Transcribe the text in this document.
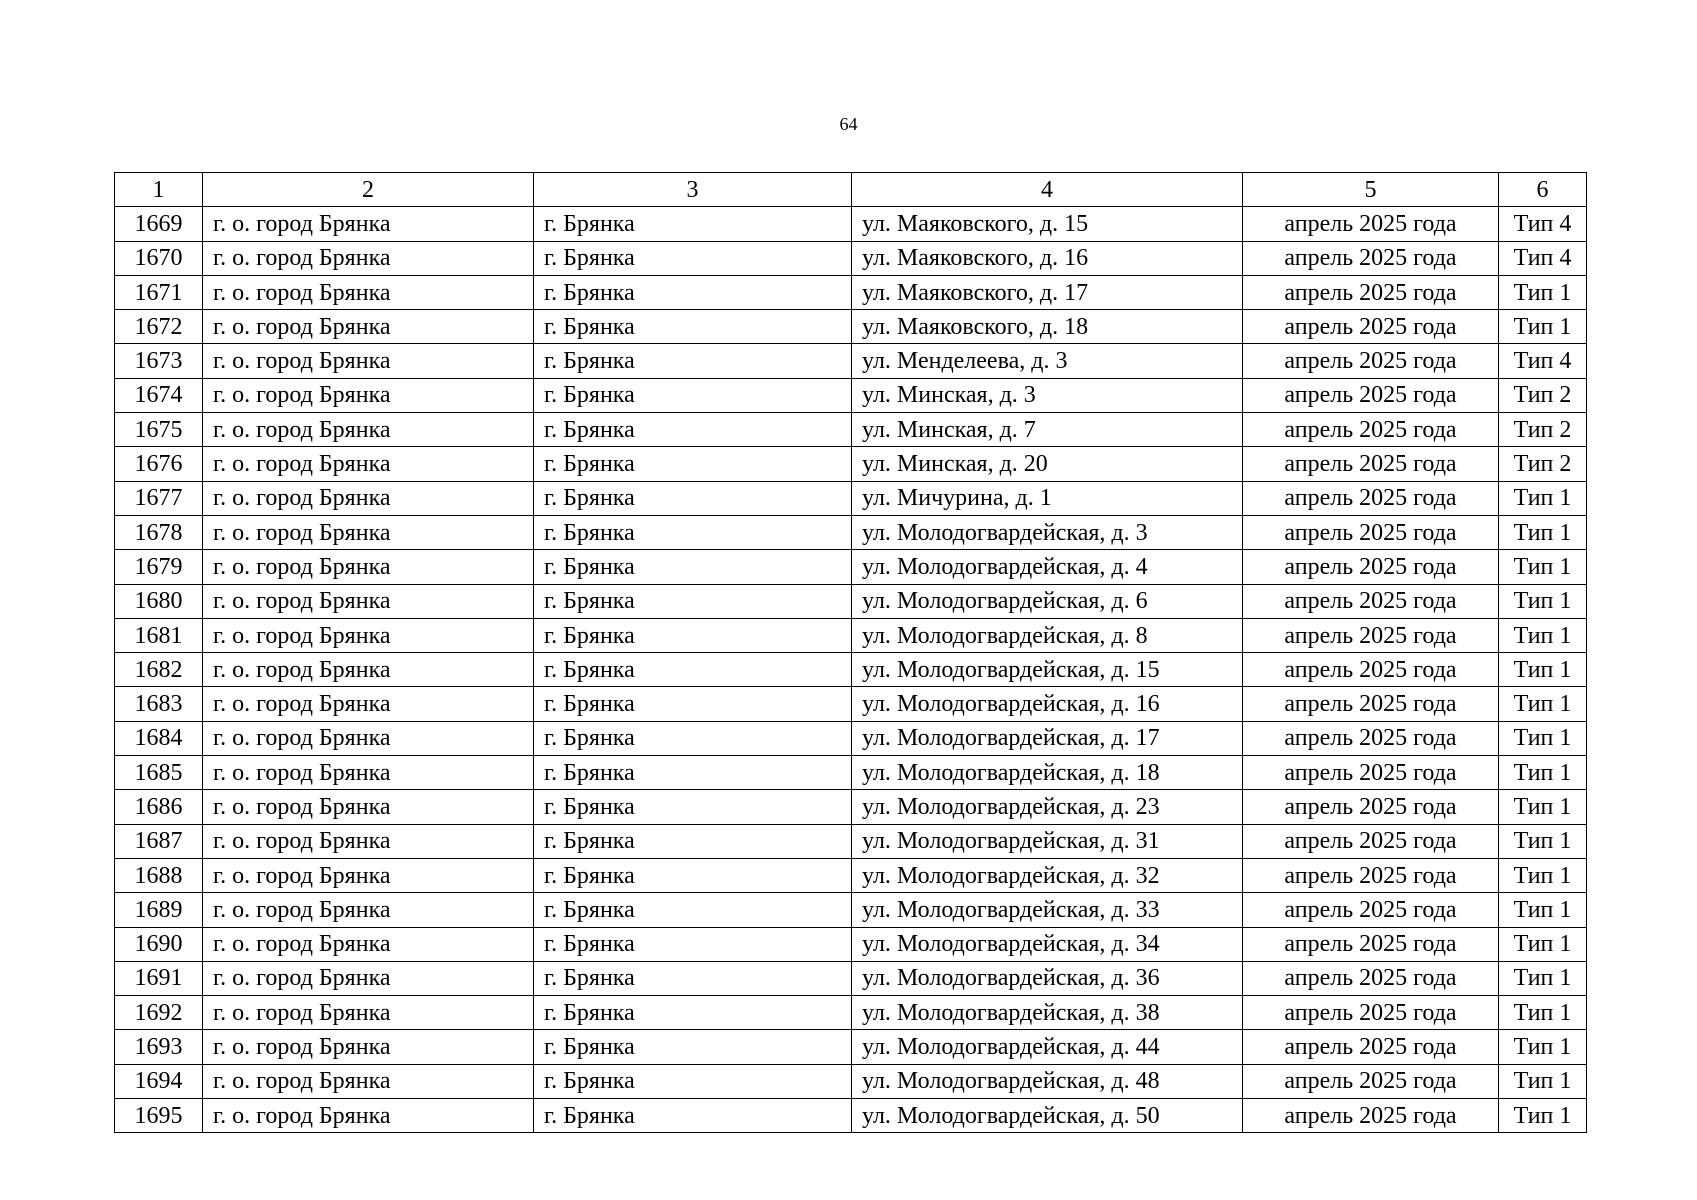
64
1	2	3	4	5	6
1669	г. о. город Брянка	г. Брянка	ул. Маяковского, д. 15	апрель 2025 года	Тип 4
1670	г. о. город Брянка	г. Брянка	ул. Маяковского, д. 16	апрель 2025 года	Тип 4
1671	г. о. город Брянка	г. Брянка	ул. Маяковского, д. 17	апрель 2025 года	Тип 1
1672	г. о. город Брянка	г. Брянка	ул. Маяковского, д. 18	апрель 2025 года	Тип 1
1673	г. о. город Брянка	г. Брянка	ул. Менделеева, д. 3	апрель 2025 года	Тип 4
1674	г. о. город Брянка	г. Брянка	ул. Минская, д. 3	апрель 2025 года	Тип 2
1675	г. о. город Брянка	г. Брянка	ул. Минская, д. 7	апрель 2025 года	Тип 2
1676	г. о. город Брянка	г. Брянка	ул. Минская, д. 20	апрель 2025 года	Тип 2
1677	г. о. город Брянка	г. Брянка	ул. Мичурина, д. 1	апрель 2025 года	Тип 1
1678	г. о. город Брянка	г. Брянка	ул. Молодогвардейская, д. 3	апрель 2025 года	Тип 1
1679	г. о. город Брянка	г. Брянка	ул. Молодогвардейская, д. 4	апрель 2025 года	Тип 1
1680	г. о. город Брянка	г. Брянка	ул. Молодогвардейская, д. 6	апрель 2025 года	Тип 1
1681	г. о. город Брянка	г. Брянка	ул. Молодогвардейская, д. 8	апрель 2025 года	Тип 1
1682	г. о. город Брянка	г. Брянка	ул. Молодогвардейская, д. 15	апрель 2025 года	Тип 1
1683	г. о. город Брянка	г. Брянка	ул. Молодогвардейская, д. 16	апрель 2025 года	Тип 1
1684	г. о. город Брянка	г. Брянка	ул. Молодогвардейская, д. 17	апрель 2025 года	Тип 1
1685	г. о. город Брянка	г. Брянка	ул. Молодогвардейская, д. 18	апрель 2025 года	Тип 1
1686	г. о. город Брянка	г. Брянка	ул. Молодогвардейская, д. 23	апрель 2025 года	Тип 1
1687	г. о. город Брянка	г. Брянка	ул. Молодогвардейская, д. 31	апрель 2025 года	Тип 1
1688	г. о. город Брянка	г. Брянка	ул. Молодогвардейская, д. 32	апрель 2025 года	Тип 1
1689	г. о. город Брянка	г. Брянка	ул. Молодогвардейская, д. 33	апрель 2025 года	Тип 1
1690	г. о. город Брянка	г. Брянка	ул. Молодогвардейская, д. 34	апрель 2025 года	Тип 1
1691	г. о. город Брянка	г. Брянка	ул. Молодогвардейская, д. 36	апрель 2025 года	Тип 1
1692	г. о. город Брянка	г. Брянка	ул. Молодогвардейская, д. 38	апрель 2025 года	Тип 1
1693	г. о. город Брянка	г. Брянка	ул. Молодогвардейская, д. 44	апрель 2025 года	Тип 1
1694	г. о. город Брянка	г. Брянка	ул. Молодогвардейская, д. 48	апрель 2025 года	Тип 1
1695	г. о. город Брянка	г. Брянка	ул. Молодогвардейская, д. 50	апрель 2025 года	Тип 1
